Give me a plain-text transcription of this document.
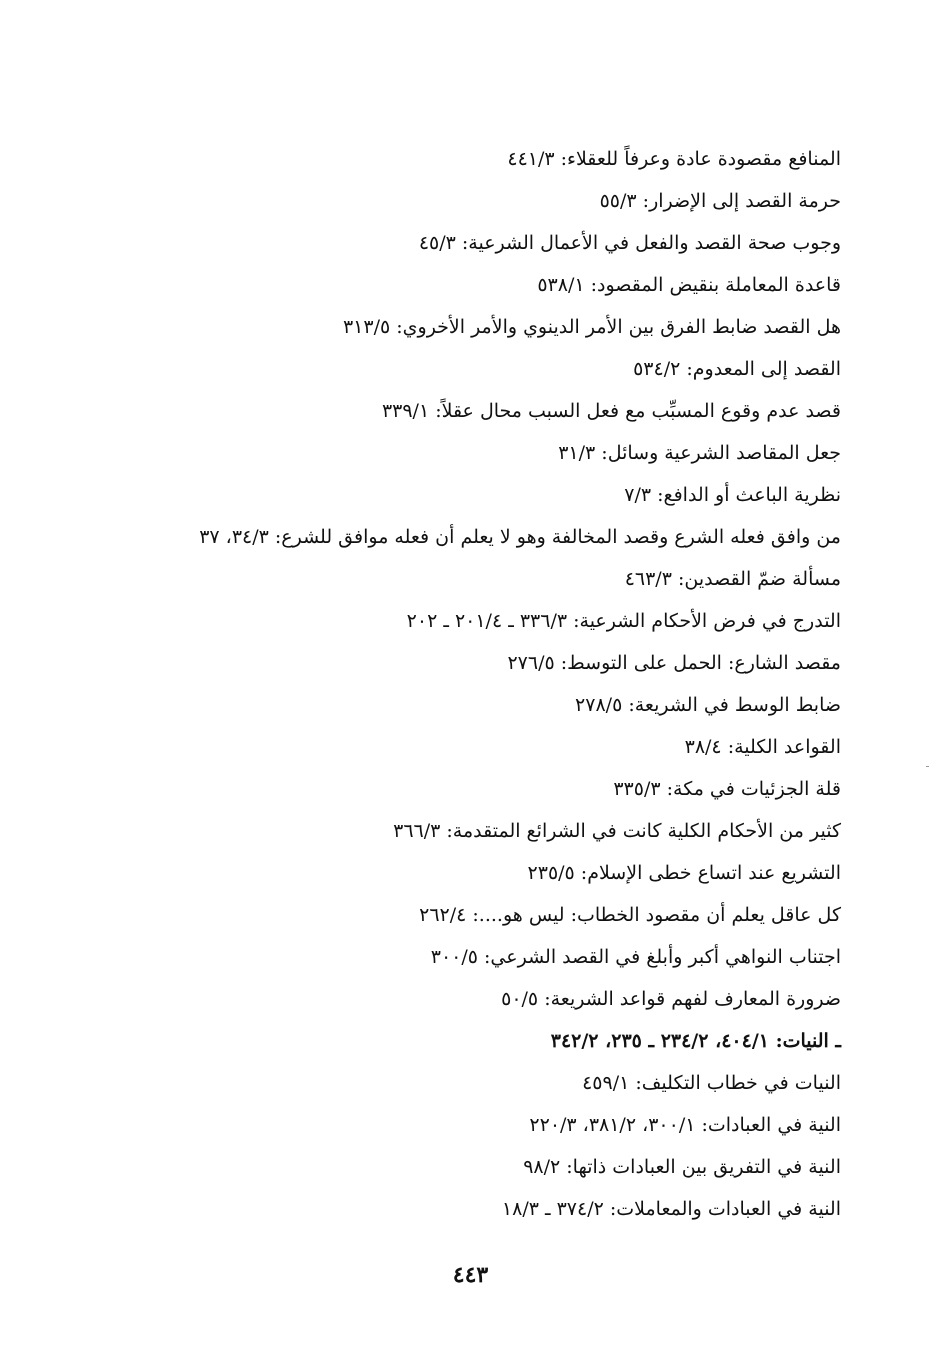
المنافع مقصودة عادة وعرفاً للعقلاء: ٤٤١/٣
حرمة القصد إلى الإضرار: ٥٥/٣
وجوب صحة القصد والفعل في الأعمال الشرعية: ٤٥/٣
قاعدة المعاملة بنقيض المقصود: ٥٣٨/١
هل القصد ضابط الفرق بين الأمر الدينوي والأمر الأخروي: ٣١٣/٥
القصد إلى المعدوم: ٥٣٤/٢
قصد عدم وقوع المسبِّب مع فعل السبب محال عقلاً: ٣٣٩/١
جعل المقاصد الشرعية وسائل: ٣١/٣
نظرية الباعث أو الدافع: ٧/٣
من وافق فعله الشرع وقصد المخالفة وهو لا يعلم أن فعله موافق للشرع: ٣٤/٣، ٣٧
مسألة ضمّ القصدين: ٤٦٣/٣
التدرج في فرض الأحكام الشرعية: ٣٣٦/٣ ـ ٢٠١/٤ ـ ٢٠٢
مقصد الشارع: الحمل على التوسط: ٢٧٦/٥
ضابط الوسط في الشريعة: ٢٧٨/٥
القواعد الكلية: ٣٨/٤
قلة الجزئيات في مكة: ٣٣٥/٣
كثير من الأحكام الكلية كانت في الشرائع المتقدمة: ٣٦٦/٣
التشريع عند اتساع خطى الإسلام: ٢٣٥/٥
كل عاقل يعلم أن مقصود الخطاب: ليس هو....: ٢٦٢/٤
اجتناب النواهي أكبر وأبلغ في القصد الشرعي: ٣٠٠/٥
ضرورة المعارف لفهم قواعد الشريعة: ٥٠/٥
ـ النيات: ٤٠٤/١، ٢٣٤/٢ ـ ٢٣٥، ٣٤٢/٢
النيات في خطاب التكليف: ٤٥٩/١
النية في العبادات: ٣٠٠/١، ٣٨١/٢، ٢٢٠/٣
النية في التفريق بين العبادات ذاتها: ٩٨/٢
النية في العبادات والمعاملات: ٣٧٤/٢ ـ ١٨/٣
٤٤٣
